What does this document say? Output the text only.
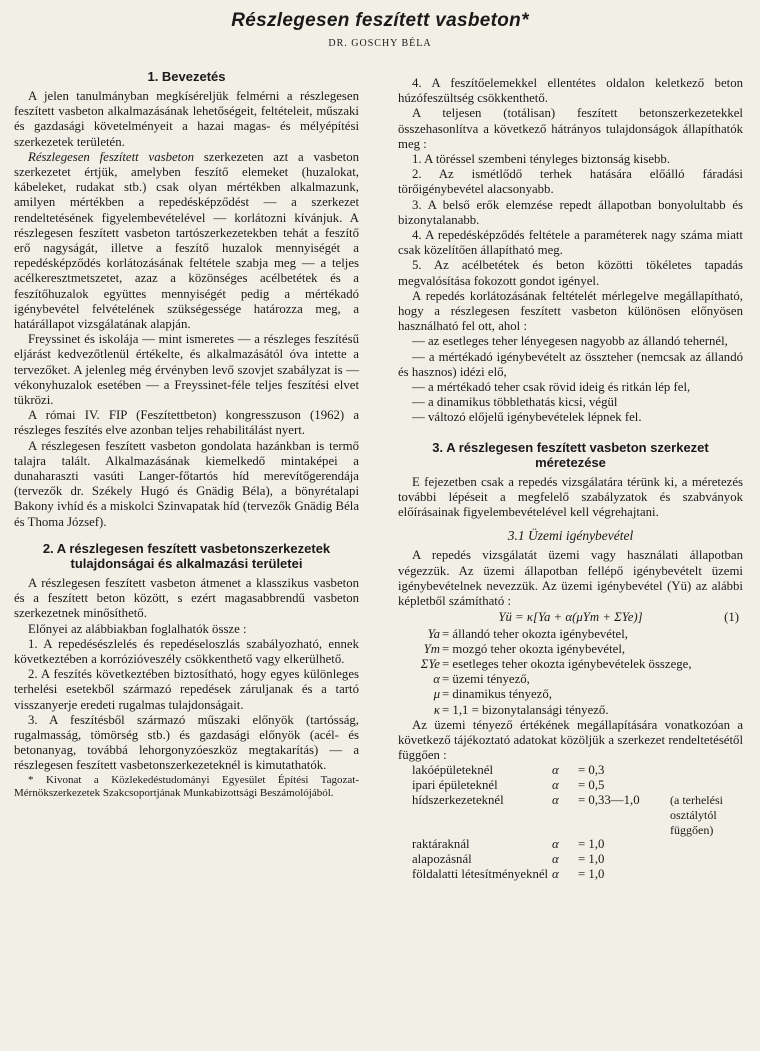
Részlegesen feszített vasbeton*
DR. GOSCHY BÉLA
1. Bevezetés

A jelen tanulmányban megkíséreljük felmérni a részlegesen feszített vasbeton alkalmazásának lehetőségeit, feltételeit, műszaki és gazdasági követelményeit a hazai magas- és mélyépítési szerkezetek területén.

Részlegesen feszített vasbeton szerkezeten azt a vasbeton szerkezetet értjük, amelyben feszítő elemeket (huzalokat, kábeleket, rudakat stb.) csak olyan mértékben alkalmazunk, amilyen mértékben a repedésképződést — a szerkezet rendeltetésének figyelembevételével — korlátozni kívánjuk. A részlegesen feszített vasbeton tartószerkezetekben tehát a feszítő erő nagyságát, illetve a feszítő huzalok mennyiségét a repedésképződés korlátozásának feltétele szabja meg — a teljes acélkeresztmetszetet, azaz a közönséges acélbetétek és a feszítőhuzalok együttes mennyiségét pedig a mértékadó igénybevétel felvételének szükségessége határozza meg, a határállapot vizsgálatának alapján.

Freyssinet és iskolája — mint ismeretes — a részleges feszítésű eljárást kedvezőtlenül értékelte, és alkalmazásától óva intette a tervezőket. A jelenleg még érvényben levő szovjet szabályzat is — vékonyhuzalok esetében — a Freyssinet-féle teljes feszítési elvet tükrözi.

A római IV. FIP (Feszítettbeton) kongresszuson (1962) a részleges feszítés elve azonban teljes rehabilitálást nyert.

A részlegesen feszített vasbeton gondolata hazánkban is termő talajra talált. Alkalmazásának kiemelkedő mintaképei a dunaharaszti vasúti Langer-főtartós híd merevítőgerendája (tervezők dr. Székely Hugó és Gnädig Béla), a bönyrétalapi Bakony ivhíd és a miskolci Szinvapatak híd (tervezők Gnädig Béla és Thoma József).

2. A részlegesen feszített vasbetonszerkezetek tulajdonságai és alkalmazási területei

A részlegesen feszített vasbeton átmenet a klasszikus vasbeton és a feszített beton között, s ezért magasabbrendű vasbeton szerkezetnek minősíthető.

Előnyei az alábbiakban foglalhatók össze :

1. A repedésészlelés és repedéseloszlás szabályozható, ennek következtében a korrózióveszély csökkenthető vagy elkerülhető.

2. A feszítés következtében biztosítható, hogy egyes különleges terhelési esetekből származó repedések záruljanak és a tartó visszanyerje eredeti rugalmas tulajdonságait.

3. A feszítésből származó műszaki előnyök (tartósság, rugalmasság, tömörség stb.) és gazdasági előnyök (acél- és betonanyag, továbbá lehorgonyzóeszköz megtakarítás) — a részlegesen feszített vasbetonszerkezeteknél is kimutathatók.

* Kivonat a Közlekedéstudományi Egyesület Építési Tagozat-Mérnökszerkezetek Szakcsoportjának Munkabizottsági Beszámolójából.

4. A feszítőelemekkel ellentétes oldalon keletkező beton húzófeszültség csökkenthető.

A teljesen (totálisan) feszített betonszerkezetekkel összehasonlítva a következő hátrányos tulajdonságok állapíthatók meg :

1. A töréssel szembeni tényleges biztonság kisebb.

2. Az ismétlődő terhek hatására előálló fáradási törőigénybevétel alacsonyabb.

3. A belső erők elemzése repedt állapotban bonyolultabb és bizonytalanabb.

4. A repedésképződés feltétele a paraméterek nagy száma miatt csak közelítően állapítható meg.

5. Az acélbetétek és beton közötti tökéletes tapadás megvalósítása fokozott gondot igényel.

A repedés korlátozásának feltételét mérlegelve megállapítható, hogy a részlegesen feszített vasbeton különösen előnyösen használható fel ott, ahol :

— az esetleges teher lényegesen nagyobb az állandó tehernél,

— a mértékadó igénybevételt az összteher (nemcsak az állandó és hasznos) idézi elő,

— a mértékadó teher csak rövid ideig és ritkán lép fel,

— a dinamikus többlethatás kicsi, végül

— változó előjelű igénybevételek lépnek fel.

3. A részlegesen feszített vasbeton szerkezet méretezése

E fejezetben csak a repedés vizsgálatára térünk ki, a méretezés további lépéseit a megfelelő szabályzatok és szabványok előírásainak figyelembevételével kell végrehajtani.

3.1 Üzemi igénybevétel

A repedés vizsgálatát üzemi vagy használati állapotban végezzük. Az üzemi állapotban fellépő igénybevételt üzemi igénybevételnek nevezzük. Az üzemi igénybevétel (Yü) az alábbi képletből számítható :

Yü = κ[Ya + α(μYm + ΣYe)]	(1)
Ya = állandó teher okozta igénybevétel,
Ym = mozgó teher okozta igénybevétel,
ΣYe = esetleges teher okozta igénybevételek összege,
α = üzemi tényező,
μ = dinamikus tényező,
κ = 1,1 = bizonytalansági tényező.

Az üzemi tényező értékének megállapítására vonatkozóan a következő tájékoztató adatokat közöljük a szerkezet rendeltetésétől függően :

lakóépületeknél	α	= 0,3	
ipari épületeknél	α	= 0,5	
hídszerkezeteknél	α	= 0,33—1,0	(a terhelési osztálytól függően)
raktáraknál	α	= 1,0	
alapozásnál	α	= 1,0	
földalatti létesítményeknél	α	= 1,0	
